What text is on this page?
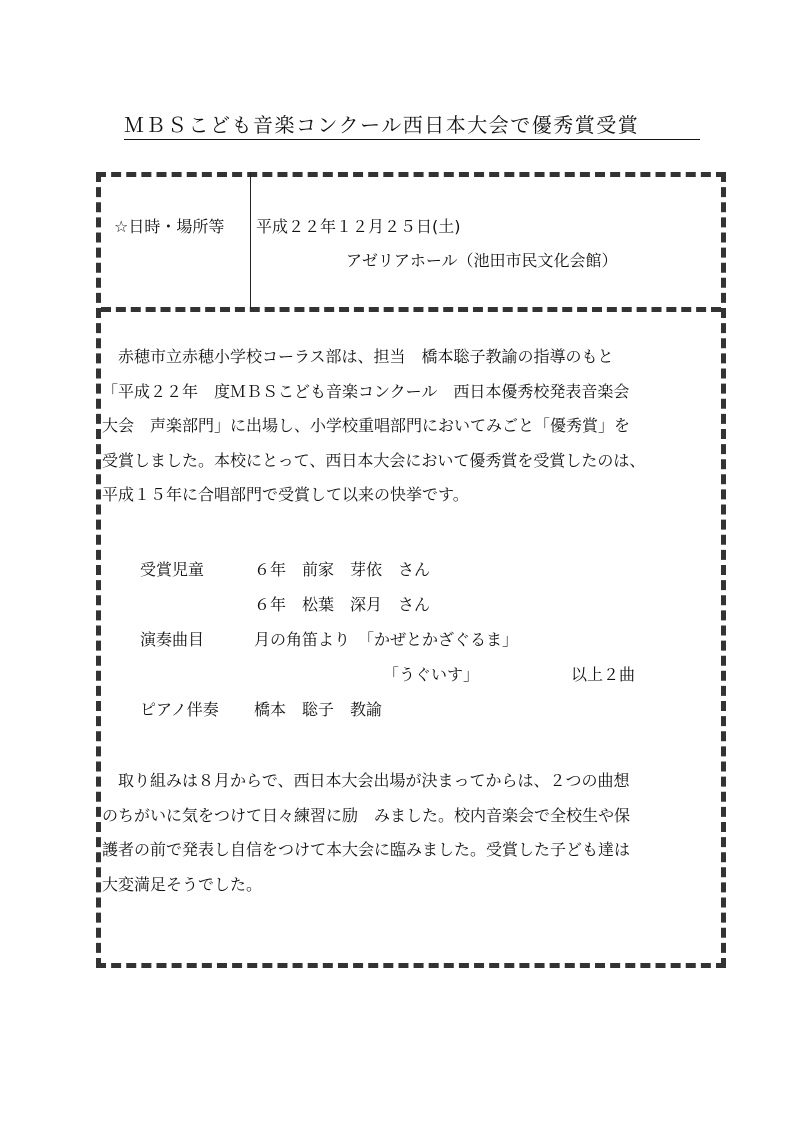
ＭＢＳこども音楽コンクール西日本大会で優秀賞受賞
☆日時・場所等 平成２２年１２月２５日(土)
アゼリアホール（池田市民文化会館）
　赤穂市立赤穂小学校コーラス部は、担当　橋本聡子教諭の指導のもと
「平成２２年　度ＭＢＳこども音楽コンクール　西日本優秀校発表音楽会
大会　声楽部門」に出場し、小学校重唱部門においてみごと「優秀賞」を
受賞しました。本校にとって、西日本大会において優秀賞を受賞したのは、
平成１５年に合唱部門で受賞して以来の快挙です。
受賞児童	６年　前家　芽依　さん
６年　松葉　深月　さん
演奏曲目	月の角笛より　「かぜとかざぐるま」
「うぐいす」	以上２曲
ピアノ伴奏 橋本　聡子　教諭
　取り組みは８月からで、西日本大会出場が決まってからは、２つの曲想
のちがいに気をつけて日々練習に励　みました。校内音楽会で全校生や保
護者の前で発表し自信をつけて本大会に臨みました。受賞した子ども達は
大変満足そうでした。
